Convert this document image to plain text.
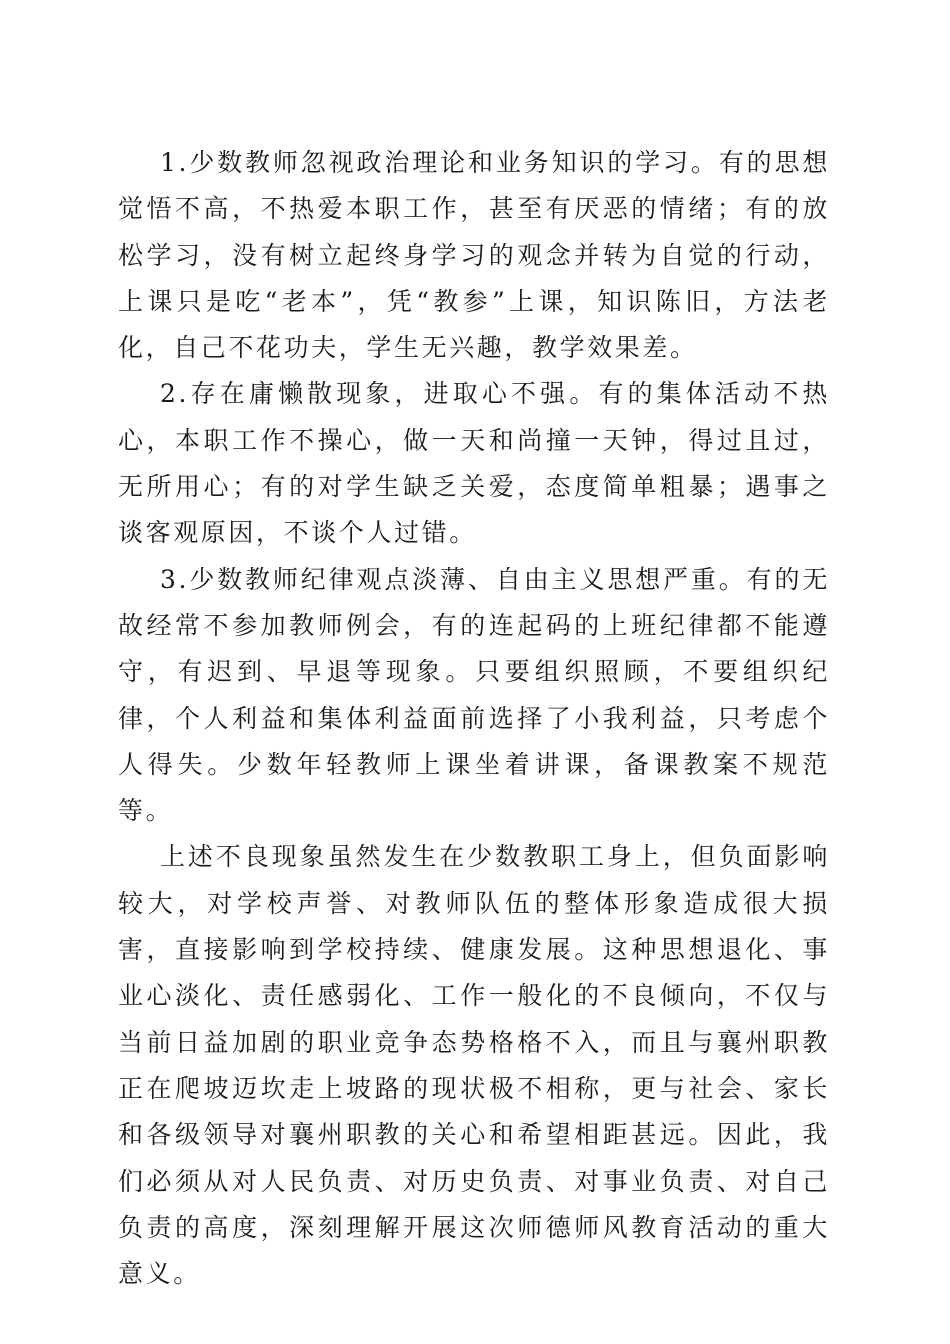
1.少数教师忽视政治理论和业务知识的学习。有的思想觉悟不高，不热爱本职工作，甚至有厌恶的情绪；有的放松学习，没有树立起终身学习的观念并转为自觉的行动，上课只是吃“老本”，凭“教参”上课，知识陈旧，方法老化，自己不花功夫，学生无兴趣，教学效果差。

2.存在庸懒散现象，进取心不强。有的集体活动不热心，本职工作不操心，做一天和尚撞一天钟，得过且过，无所用心；有的对学生缺乏关爱，态度简单粗暴；遇事之谈客观原因，不谈个人过错。

3.少数教师纪律观点淡薄、自由主义思想严重。有的无故经常不参加教师例会，有的连起码的上班纪律都不能遵守，有迟到、早退等现象。只要组织照顾，不要组织纪律，个人利益和集体利益面前选择了小我利益，只考虑个人得失。少数年轻教师上课坐着讲课，备课教案不规范等。

上述不良现象虽然发生在少数教职工身上，但负面影响较大，对学校声誉、对教师队伍的整体形象造成很大损害，直接影响到学校持续、健康发展。这种思想退化、事业心淡化、责任感弱化、工作一般化的不良倾向，不仅与当前日益加剧的职业竞争态势格格不入，而且与襄州职教正在爬坡迈坎走上坡路的现状极不相称，更与社会、家长和各级领导对襄州职教的关心和希望相距甚远。因此，我们必须从对人民负责、对历史负责、对事业负责、对自己负责的高度，深刻理解开展这次师德师风教育活动的重大意义。
